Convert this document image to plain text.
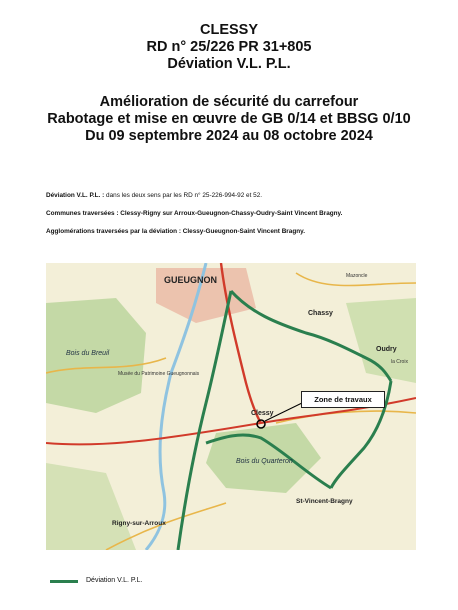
CLESSY
RD n° 25/226 PR 31+805
Déviation V.L. P.L.
Amélioration de sécurité du carrefour
Rabotage et mise en œuvre de GB 0/14 et BBSG 0/10
Du 09 septembre 2024 au 08 octobre 2024
Déviation V.L. P.L. : dans les deux sens par les RD n° 25-226-994-92 et 52.
Communes traversées : Clessy-Rigny sur Arroux-Gueugnon-Chassy-Oudry-Saint Vincent Bragny.
Agglomérations traversées par la déviation : Clessy-Gueugnon-Saint Vincent Bragny.
GUEUGNON
Chassy
Oudry
Clessy
Bois du Breuil
Bois du Quarteron
St-Vincent-Bragny
Rigny-sur-Arroux
Musée du Patrimoine Gueugnonnais
Mazoncle
la Croix
Zone de travaux
Déviation V.L. P.L.
